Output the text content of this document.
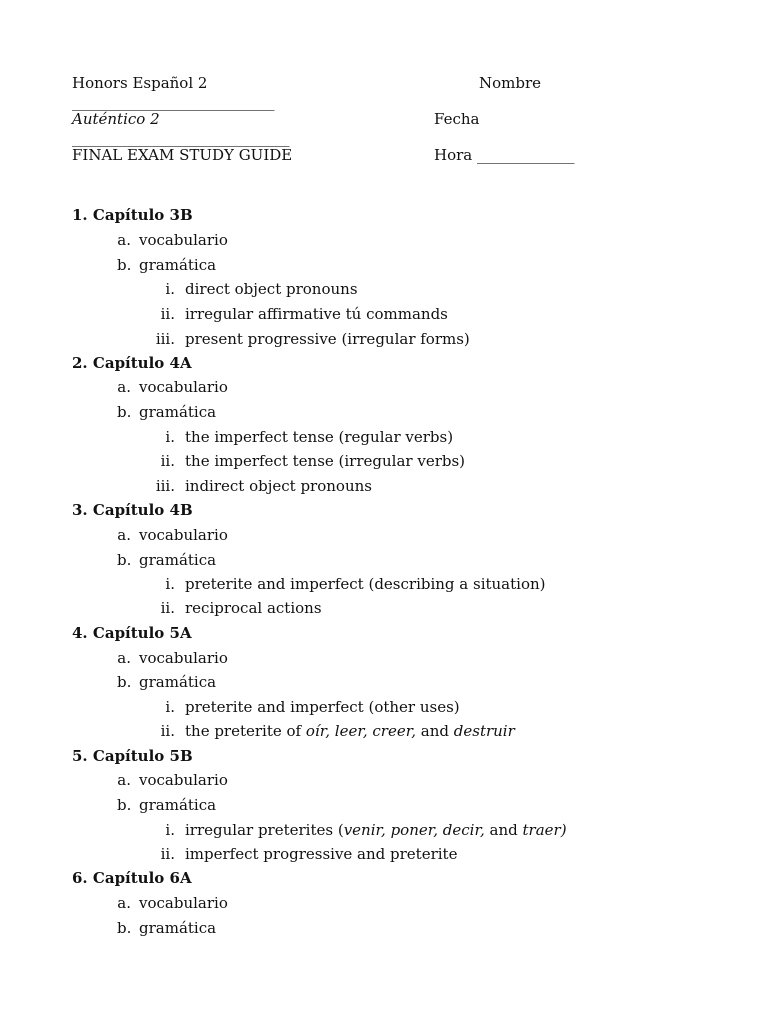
Honors Español 2	Nombre
___________________________
Auténtico 2	Fecha
_____________________________
FINAL EXAM STUDY GUIDE	Hora _____________
1. Capítulo 3B
a. vocabulario
b. gramática
i. direct object pronouns
ii. irregular affirmative tú commands
iii. present progressive (irregular forms)
2. Capítulo 4A
a. vocabulario
b. gramática
i. the imperfect tense (regular verbs)
ii. the imperfect tense (irregular verbs)
iii. indirect object pronouns
3. Capítulo 4B
a. vocabulario
b. gramática
i. preterite and imperfect (describing a situation)
ii. reciprocal actions
4. Capítulo 5A
a. vocabulario
b. gramática
i. preterite and imperfect (other uses)
ii. the preterite of oír, leer, creer, and destruir
5. Capítulo 5B
a. vocabulario
b. gramática
i. irregular preterites (venir, poner, decir, and traer)
ii. imperfect progressive and preterite
6. Capítulo 6A
a. vocabulario
b. gramática
